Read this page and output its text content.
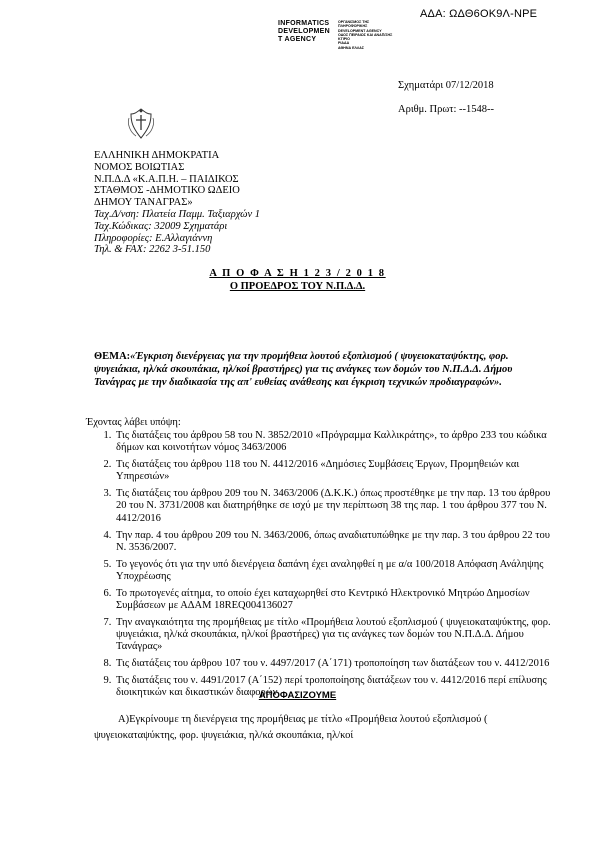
ΑΔΑ: ΩΔΘ6ΟΚ9Λ-ΝΡΕ
INFORMATICS
DEVELOPMEN
T AGENCY
ΟΡΓΑΝΙΣΜΟΣ ΤΗΣ
ΠΛΗΡΟΦΟΡΙΚΗΣ
DEVELOPMENT AGENCY
ΟΔΟΣ ΠΕΙΡΑΙΩΣ ΚΑΙ ΑΝΑΠ/ΣΗΣ
ΚΤΙΡΙΟ
ΡΙΑΔΑ
ΑΘΗΝΑ ΕΛΛΑΣ
Σχηματάρι 07/12/2018
Αριθμ. Πρωτ: --1548--
ΕΛΛΗΝΙΚΗ ΔΗΜΟΚΡΑΤΙΑ
ΝΟΜΟΣ ΒΟΙΩΤΙΑΣ
Ν.Π.Δ.Δ «Κ.Α.Π.Η. – ΠΑΙΔΙΚΟΣ
ΣΤΑΘΜΟΣ -ΔΗΜΟΤΙΚΟ ΩΔΕΙΟ
ΔΗΜΟΥ ΤΑΝΑΓΡΑΣ»
Ταχ.Δ/νση: Πλατεία Παμμ. Ταξιαρχών 1
Ταχ.Κώδικας: 32009 Σχηματάρι
Πληροφορίες: Ε.Αλλαγιάννη
Τηλ. & FAX: 2262 3-51.150
Α Π Ο Φ Α Σ Η 1 2 3 / 2 0 1 8
Ο ΠΡΟΕΔΡΟΣ ΤΟΥ Ν.Π.Δ.Δ.
ΘΕΜΑ:«Έγκριση διενέργειας για την προμήθεια λουτού εξοπλισμού ( ψυγειοκαταψύκτης, φορ. ψυγειάκια, ηλ/κά σκουπάκια, ηλ/κοί βραστήρες) για τις ανάγκες των δομών του Ν.Π.Δ.Δ. Δήμου Τανάγρας με την διαδικασία της απ' ευθείας ανάθεσης και έγκριση τεχνικών προδιαγραφών».
Έχοντας λάβει υπόψη:
1. Τις διατάξεις του άρθρου 58 του Ν. 3852/2010 «Πρόγραμμα Καλλικράτης», το άρθρο 233 του κώδικα δήμων και κοινοτήτων νόμος 3463/2006
2. Τις διατάξεις του άρθρου 118 του Ν. 4412/2016 «Δημόσιες Συμβάσεις Έργων, Προμηθειών και Υπηρεσιών»
3. Τις διατάξεις του άρθρου 209 του Ν. 3463/2006 (Δ.Κ.Κ.) όπως προστέθηκε με την παρ. 13 του άρθρου 20 του Ν. 3731/2008 και διατηρήθηκε σε ισχύ με την περίπτωση 38 της παρ. 1 του άρθρου 377 του Ν. 4412/2016
4. Την παρ. 4 του άρθρου 209 του Ν. 3463/2006, όπως αναδιατυπώθηκε με την παρ. 3 του άρθρου 22 του Ν. 3536/2007.
5. Το γεγονός ότι για την υπό διενέργεια δαπάνη έχει αναληφθεί η με α/α 100/2018 Απόφαση Ανάληψης Υποχρέωσης
6. Το πρωτογενές αίτημα, το οποίο έχει καταχωρηθεί στο Κεντρικό Ηλεκτρονικό Μητρώο Δημοσίων Συμβάσεων με ΑΔΑΜ 18REQ004136027
7. Την αναγκαιότητα της προμήθειας με τίτλο «Προμήθεια λουτού εξοπλισμού ( ψυγειοκαταψύκτης, φορ. ψυγειάκια, ηλ/κά σκουπάκια, ηλ/κοί βραστήρες) για τις ανάγκες των δομών του Ν.Π.Δ.Δ. Δήμου Τανάγρας»
8. Τις διατάξεις του άρθρου 107 του ν. 4497/2017 (Α΄171) τροποποίηση των διατάξεων του ν. 4412/2016
9. Τις διατάξεις του ν. 4491/2017 (Α΄152) περί τροποποίησης διατάξεων του ν. 4412/2016 περί επίλυσης διοικητικών και δικαστικών διαφορών
ΑΠΟΦΑΣΙΖΟΥΜΕ
Α)Εγκρίνουμε τη διενέργεια της προμήθειας με τίτλο «Προμήθεια λουτού εξοπλισμού ( ψυγειοκαταψύκτης, φορ. ψυγειάκια, ηλ/κά σκουπάκια, ηλ/κοί
